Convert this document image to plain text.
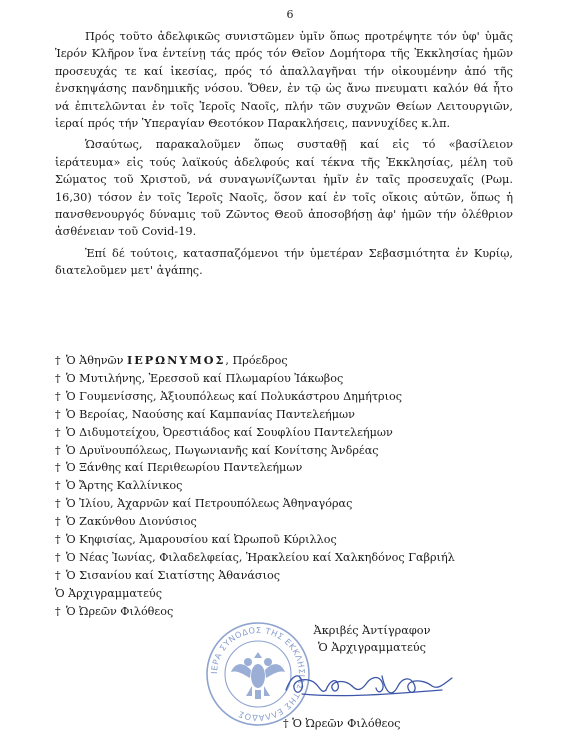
6

Πρός τοῦτο ἀδελφικῶς συνιστῶμεν ὑμῖν ὅπως προτρέψητε τόν ὑφ' ὑμᾶς Ἱερόν Κλῆρον ἵνα ἐντείνῃ τάς πρός τόν Θεῖον Δομήτορα τῆς Ἐκκλησίας ἡμῶν προσευχάς τε καί ἱκεσίας, πρός τό ἀπαλλαγῆναι τήν οἰκουμένην ἀπό τῆς ἐνσκηψάσης πανδημικῆς νόσου. Ὅθεν, ἐν τῷ ὡς ἄνω πνευματι καλόν θά ἦτο νά ἐπιτελῶνται ἐν τοῖς Ἱεροῖς Ναοῖς, πλήν τῶν συχνῶν Θείων Λειτουργιῶν, ἱεραί πρός τήν Ὑπεραγίαν Θεοτόκον Παρακλήσεις, παννυχίδες κ.λπ.

Ὡσαύτως, παρακαλοῦμεν ὅπως συσταθῇ καί εἰς τό «βασίλειον ἱεράτευμα» εἰς τούς λαϊκούς ἀδελφούς καί τέκνα τῆς Ἐκκλησίας, μέλη τοῦ Σώματος τοῦ Χριστοῦ, νά συναγωνίζωνται ἡμῖν ἐν ταῖς προσευχαῖς (Ρωμ. 16,30) τόσον ἐν τοῖς Ἱεροῖς Ναοῖς, ὅσον καί ἐν τοῖς οἴκοις αὐτῶν, ὅπως ἡ πανσθενουργός δύναμις τοῦ Ζῶντος Θεοῦ ἀποσοβήσῃ ἀφ' ἡμῶν τήν ὀλέθριον ἀσθένειαν τοῦ Covid-19.

Ἐπί δέ τούτοις, κατασπαζόμενοι τήν ὑμετέραν Σεβασμιότητα ἐν Κυρίῳ, διατελοῦμεν μετ' ἀγάπης.

† Ὁ Ἀθηνῶν ΙΕΡΩΝΥΜΟΣ, Πρόεδρος
† Ὁ Μυτιλήνης, Ἐρεσσοῦ καί Πλωμαρίου Ἰάκωβος
† Ὁ Γουμενίσσης, Ἀξιουπόλεως καί Πολυκάστρου Δημήτριος
† Ὁ Βεροίας, Ναούσης καί Καμπανίας Παντελεήμων
† Ὁ Διδυμοτείχου, Ὀρεστιάδος καί Σουφλίου Παντελεήμων
† Ὁ Δρυϊνουπόλεως, Πωγωνιανῆς καί Κονίτσης Ἀνδρέας
† Ὁ Ξάνθης καί Περιθεωρίου Παντελεήμων
† Ὁ Ἄρτης Καλλίνικος
† Ὁ Ἰλίου, Ἀχαρνῶν καί Πετρουπόλεως Ἀθηναγόρας
† Ὁ Ζακύνθου Διονύσιος
† Ὁ Κηφισίας, Ἀμαρουσίου καί Ὠρωποῦ Κύριλλος
† Ὁ Νέας Ἰωνίας, Φιλαδελφείας, Ἡρακλείου καί Χαλκηδόνος Γαβριήλ
† Ὁ Σισανίου καί Σιατίστης Ἀθανάσιος
Ὁ Ἀρχιγραμματεύς
† Ὁ Ὠρεῶν Φιλόθεος
ΙΕΡΑ ΣΥΝΟΔΟΣ ΤΗΣ ΕΚΚΛΗΣΙΑΣ ΤΗΣ ΕΛΛΑΔΟΣ
Ἀκριβές Ἀντίγραφον
Ὁ Ἀρχιγραμματεύς
† Ὁ Ὠρεῶν Φιλόθεος
